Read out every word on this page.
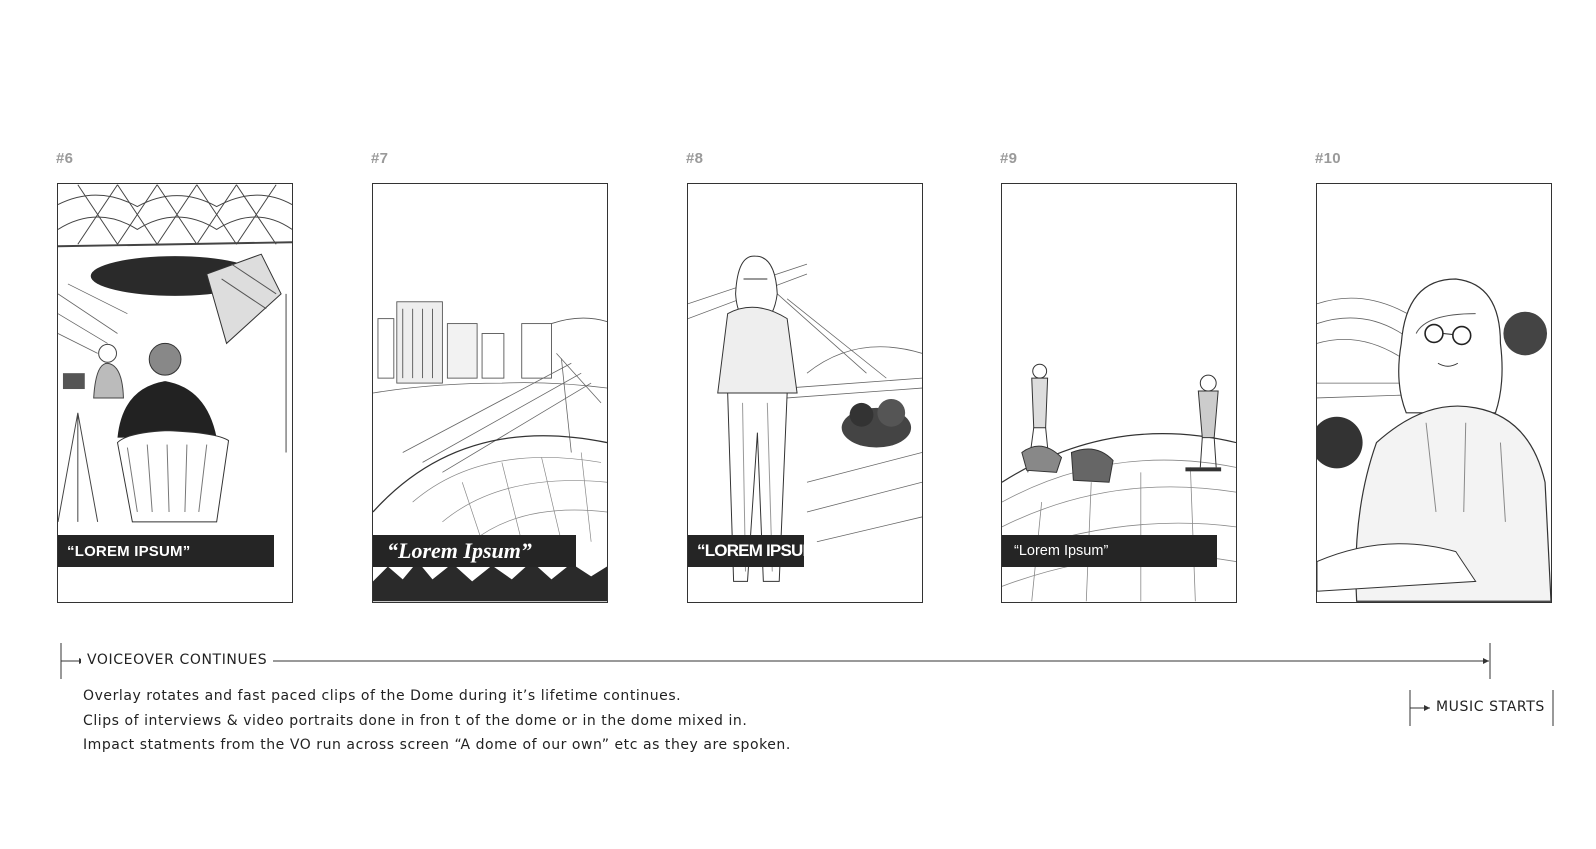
#6	#7	#8	#9	#10
“LOREM IPSUM”	“Lorem Ipsum”	“LOREM IPSUM”	“Lorem Ipsum”
VOICEOVER CONTINUES
MUSIC STARTS
Overlay rotates and fast paced clips of the Dome during it’s lifetime continues.
Clips of interviews & video portraits done in fron t of the dome or in the dome mixed in.
Impact statments from the VO run across screen “A dome of our own” etc as they are spoken.
